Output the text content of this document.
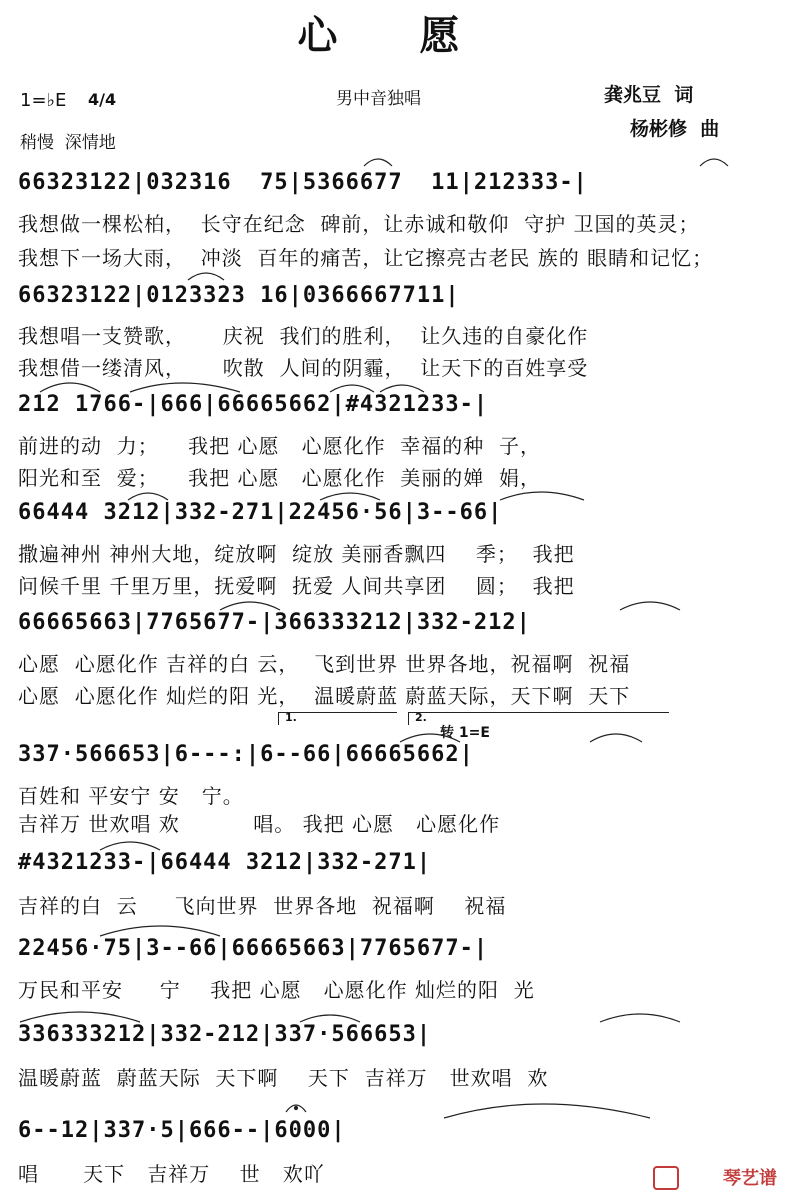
心 愿
男中音独唱
1=♭E 4/4
稍慢  深情地
龚兆豆  词
杨彬修  曲
66323122|032316  75|5366677  11|212333-|
我想做一棵松柏，  长守在纪念  碑前，让赤诚和敬仰  守护 卫国的英灵；
我想下一场大雨，  冲淡  百年的痛苦，让它擦亮古老民 族的 眼睛和记忆；
66323122|0123323 16|0366667711|
我想唱一支赞歌，     庆祝  我们的胜利，  让久违的自豪化作
我想借一缕清风，     吹散  人间的阴霾，  让天下的百姓享受
212 1766-|666|66665662|#4321233-|
前进的动  力；    我把 心愿   心愿化作  幸福的种  子，
阳光和至  爱；    我把 心愿   心愿化作  美丽的婵  娟，
66444 3212|332-271|22456·56|3--66|
撒遍神州 神州大地，绽放啊  绽放 美丽香飘四    季；  我把
问候千里 千里万里，抚爱啊  抚爱 人间共享团    圆；  我把
66665663|7765677-|366333212|332-212|
心愿  心愿化作 吉祥的白 云，  飞到世界 世界各地，祝福啊  祝福
心愿  心愿化作 灿烂的阳 光，  温暖蔚蓝 蔚蓝天际，天下啊  天下

1.

	2.

转 1=E
337·566653|6---:|6--66|66665662|
百姓和 平安宁 安   宁。
吉祥万 世欢唱 欢          唱。 我把 心愿   心愿化作
#4321233-|66444 3212|332-271|
吉祥的白  云     飞向世界  世界各地  祝福啊    祝福
22456·75|3--66|66665663|7765677-|
万民和平安     宁    我把 心愿   心愿化作 灿烂的阳  光
336333212|332-212|337·566653|
温暖蔚蓝  蔚蓝天际  天下啊    天下  吉祥万   世欢唱  欢
6--12|337·5|666--|6000|
唱      天下   吉祥万    世   欢吖	琴艺谱
